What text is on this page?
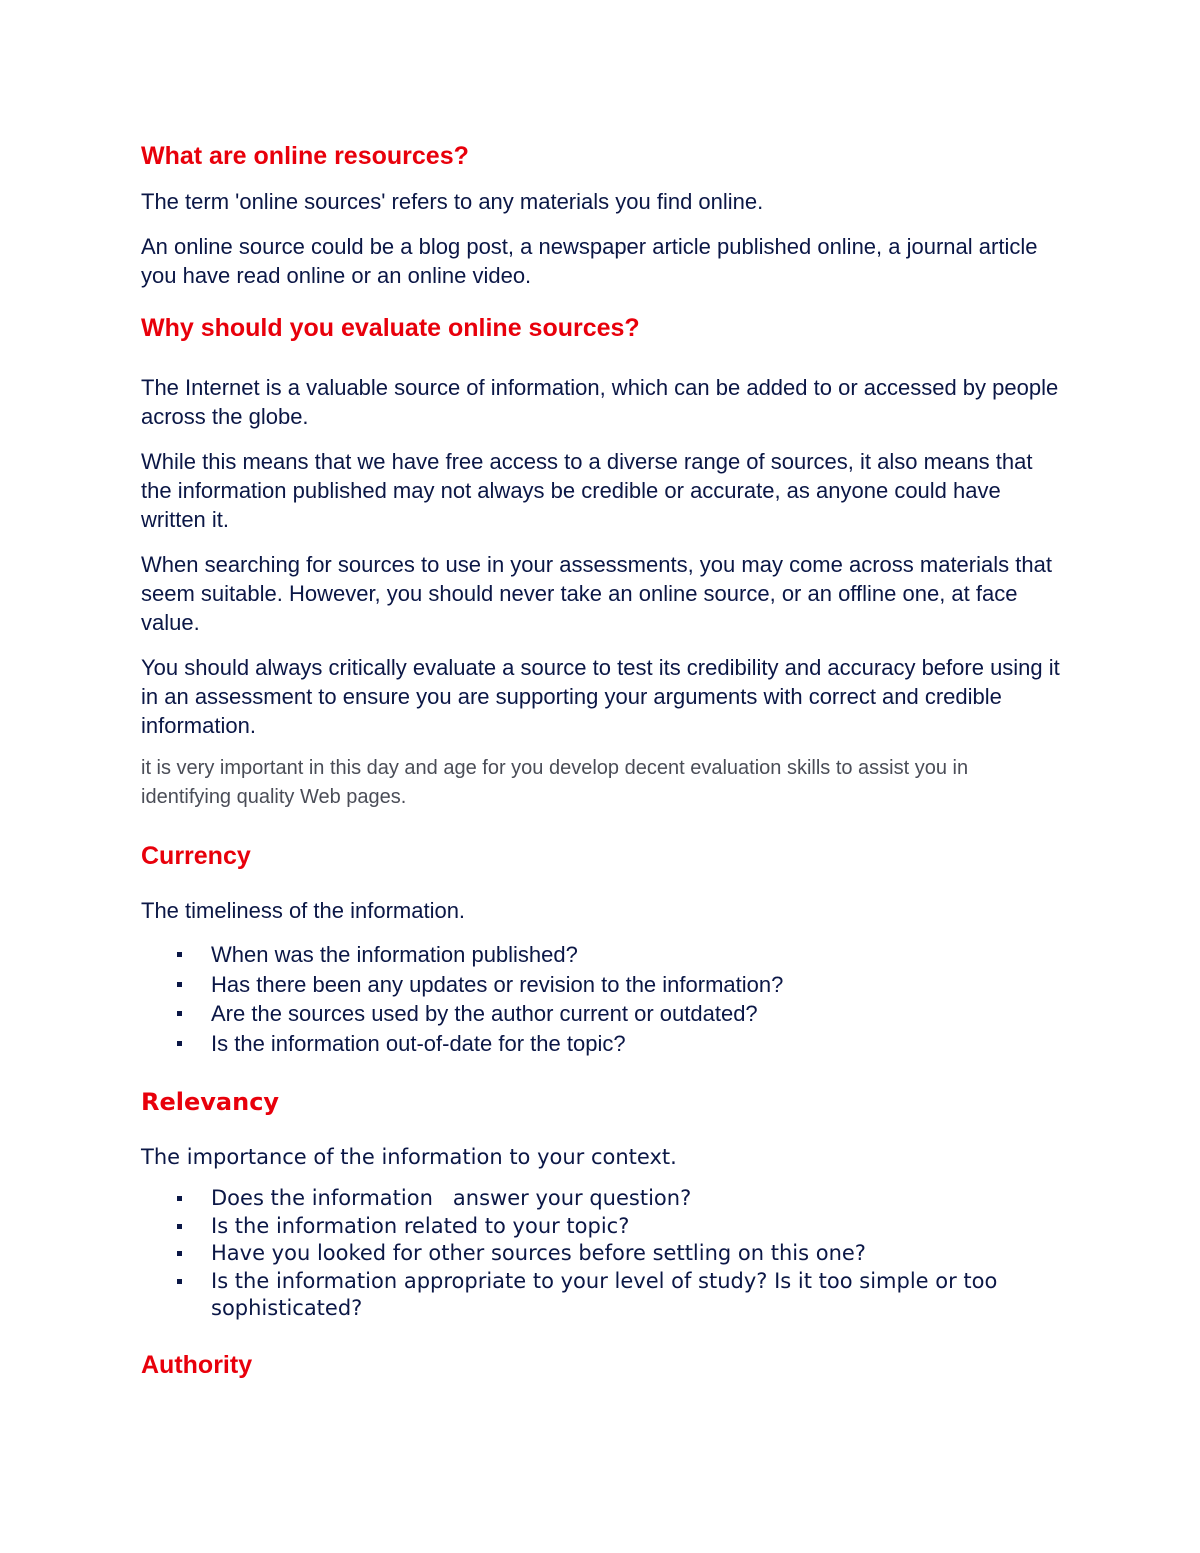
What are online resources?

The term 'online sources' refers to any materials you find online.

An online source could be a blog post, a newspaper article published online, a journal article you have read online or an online video.

Why should you evaluate online sources?

The Internet is a valuable source of information, which can be added to or accessed by people across the globe.

While this means that we have free access to a diverse range of sources, it also means that the information published may not always be credible or accurate, as anyone could have written it.

When searching for sources to use in your assessments, you may come across materials that seem suitable. However, you should never take an online source, or an offline one, at face value.

You should always critically evaluate a source to test its credibility and accuracy before using it in an assessment to ensure you are supporting your arguments with correct and credible information.

it is very important in this day and age for you develop decent evaluation skills to assist you in identifying quality Web pages.

Currency

The timeliness of the information.

When was the information published?
Has there been any updates or revision to the information?
Are the sources used by the author current or outdated?
Is the information out-of-date for the topic?
Relevancy

The importance of the information to your context.

Does the information   answer your question?
Is the information related to your topic?
Have you looked for other sources before settling on this one?
Is the information appropriate to your level of study? Is it too simple or too sophisticated?
Authority
